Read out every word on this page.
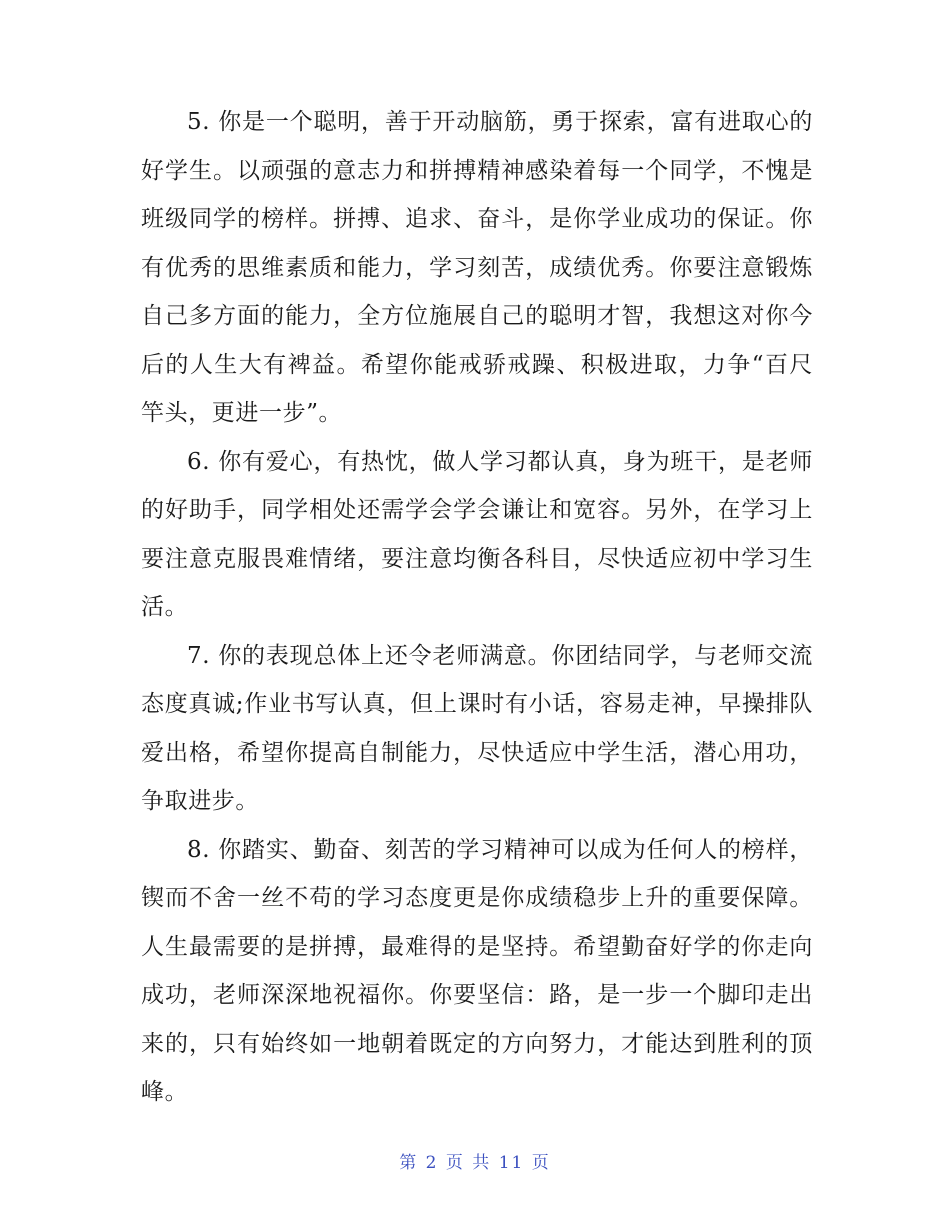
5. 你是一个聪明，善于开动脑筋，勇于探索，富有进取心的好学生。以顽强的意志力和拼搏精神感染着每一个同学，不愧是班级同学的榜样。拼搏、追求、奋斗，是你学业成功的保证。你有优秀的思维素质和能力，学习刻苦，成绩优秀。你要注意锻炼自己多方面的能力，全方位施展自己的聪明才智，我想这对你今后的人生大有裨益。希望你能戒骄戒躁、积极进取，力争“百尺竿头，更进一步”。

6. 你有爱心，有热忱，做人学习都认真，身为班干，是老师的好助手，同学相处还需学会学会谦让和宽容。另外，在学习上要注意克服畏难情绪，要注意均衡各科目，尽快适应初中学习生活。

7. 你的表现总体上还令老师满意。你团结同学，与老师交流态度真诚;作业书写认真，但上课时有小话，容易走神，早操排队爱出格，希望你提高自制能力，尽快适应中学生活，潜心用功，争取进步。

8. 你踏实、勤奋、刻苦的学习精神可以成为任何人的榜样，锲而不舍一丝不苟的学习态度更是你成绩稳步上升的重要保障。人生最需要的是拼搏，最难得的是坚持。希望勤奋好学的你走向成功，老师深深地祝福你。你要坚信：路，是一步一个脚印走出来的，只有始终如一地朝着既定的方向努力，才能达到胜利的顶峰。

第 2 页 共 11 页
